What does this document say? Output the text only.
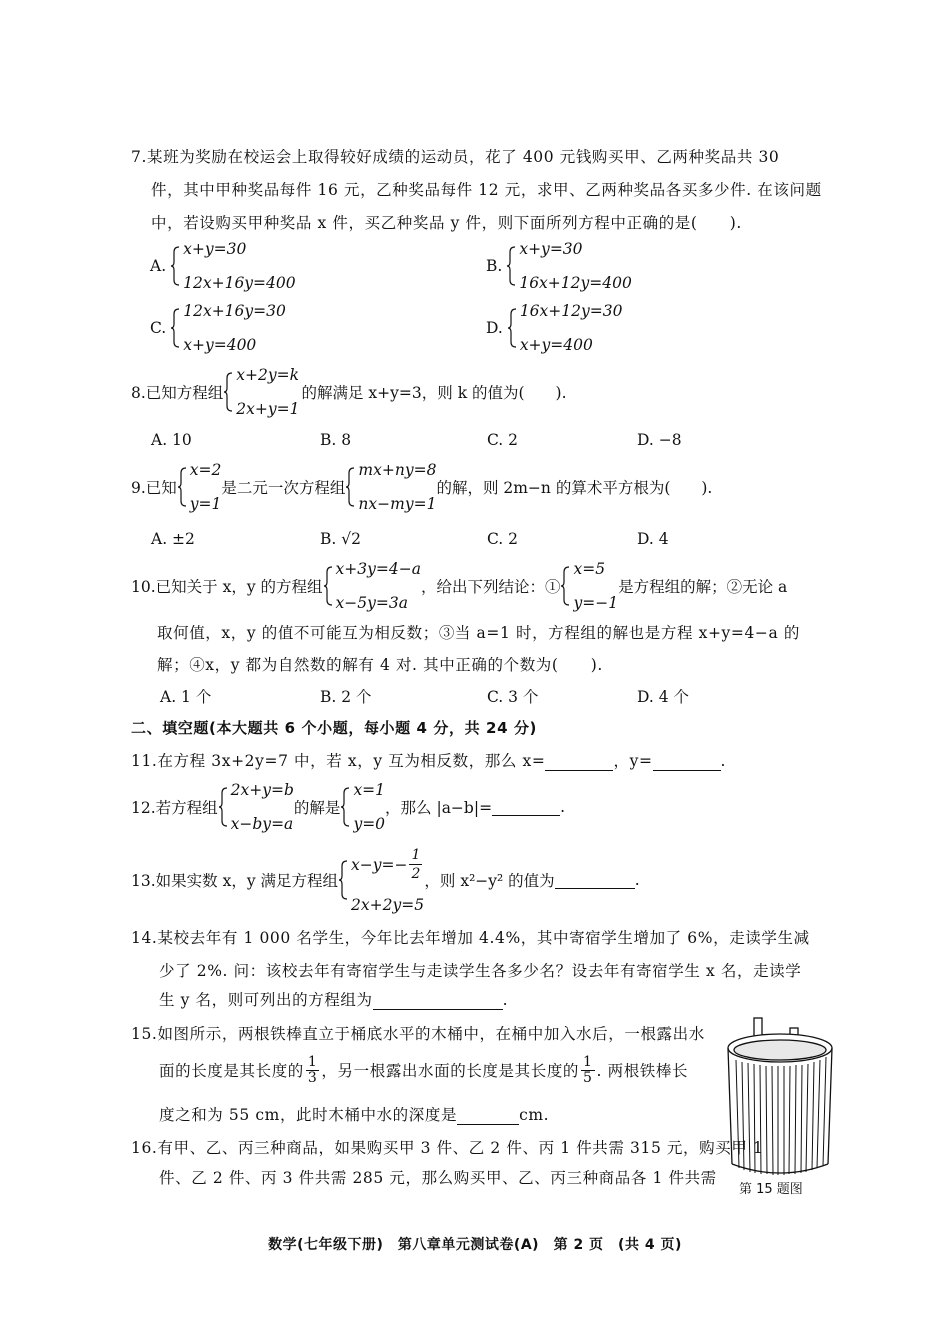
7.某班为奖励在校运会上取得较好成绩的运动员，花了 400 元钱购买甲、乙两种奖品共 30
件，其中甲种奖品每件 16 元，乙种奖品每件 12 元，求甲、乙两种奖品各买多少件. 在该问题
中，若设购买甲种奖品 x 件，买乙种奖品 y 件，则下面所列方程中正确的是(　　).
A.
x+y=30
12x+16y=400
B.
x+y=30
16x+12y=400
C.
12x+16y=30
x+y=400
D.
16x+12y=30
x+y=400
8.已知方程组
x+2y=k
2x+y=1
的解满足 x+y=3，则 k 的值为(　　).
A. 10	B. 8	C. 2	D. −8
9.已知
x=2
y=1
是二元一次方程组
mx+ny=8
nx−my=1
的解，则 2m−n 的算术平方根为(　　).
A. ±2	B. √2	C. 2	D. 4
10.已知关于 x，y 的方程组
x+3y=4−a
x−5y=3a
，给出下列结论：①
x=5
y=−1
是方程组的解；②无论 a
取何值，x，y 的值不可能互为相反数；③当 a=1 时，方程组的解也是方程 x+y=4−a 的
解；④x，y 都为自然数的解有 4 对. 其中正确的个数为(　　).
A. 1 个	B. 2 个	C. 3 个	D. 4 个
二、填空题(本大题共 6 个小题，每小题 4 分，共 24 分)
11.在方程 3x+2y=7 中，若 x，y 互为相反数，那么 x=	，y=	.
12.若方程组
2x+y=b
x−by=a
的解是
x=1
y=0
，那么 |a−b|=	.
13.如果实数 x，y 满足方程组
$x-y=- \frac{1}{2}$
2x+2y=5
，则 x²−y² 的值为	.
14.某校去年有 1 000 名学生，今年比去年增加 4.4%，其中寄宿学生增加了 6%，走读学生减
少了 2%. 问：该校去年有寄宿学生与走读学生各多少名？设去年有寄宿学生 x 名，走读学
生 y 名，则可列出的方程组为	.
15.如图所示，两根铁棒直立于桶底水平的木桶中，在桶中加入水后，一根露出水
面的长度是其长度的 $\frac{1}{3}$ ，另一根露出水面的长度是其长度的 $\frac{1}{5}$ . 两根铁棒长
度之和为 55 cm，此时木桶中水的深度是	cm.
第 15 题图
16.有甲、乙、丙三种商品，如果购买甲 3 件、乙 2 件、丙 1 件共需 315 元，购买甲 1
件、乙 2 件、丙 3 件共需 285 元，那么购买甲、乙、丙三种商品各 1 件共需
数学(七年级下册)　第八章单元测试卷(A)　第 2 页　(共 4 页)
